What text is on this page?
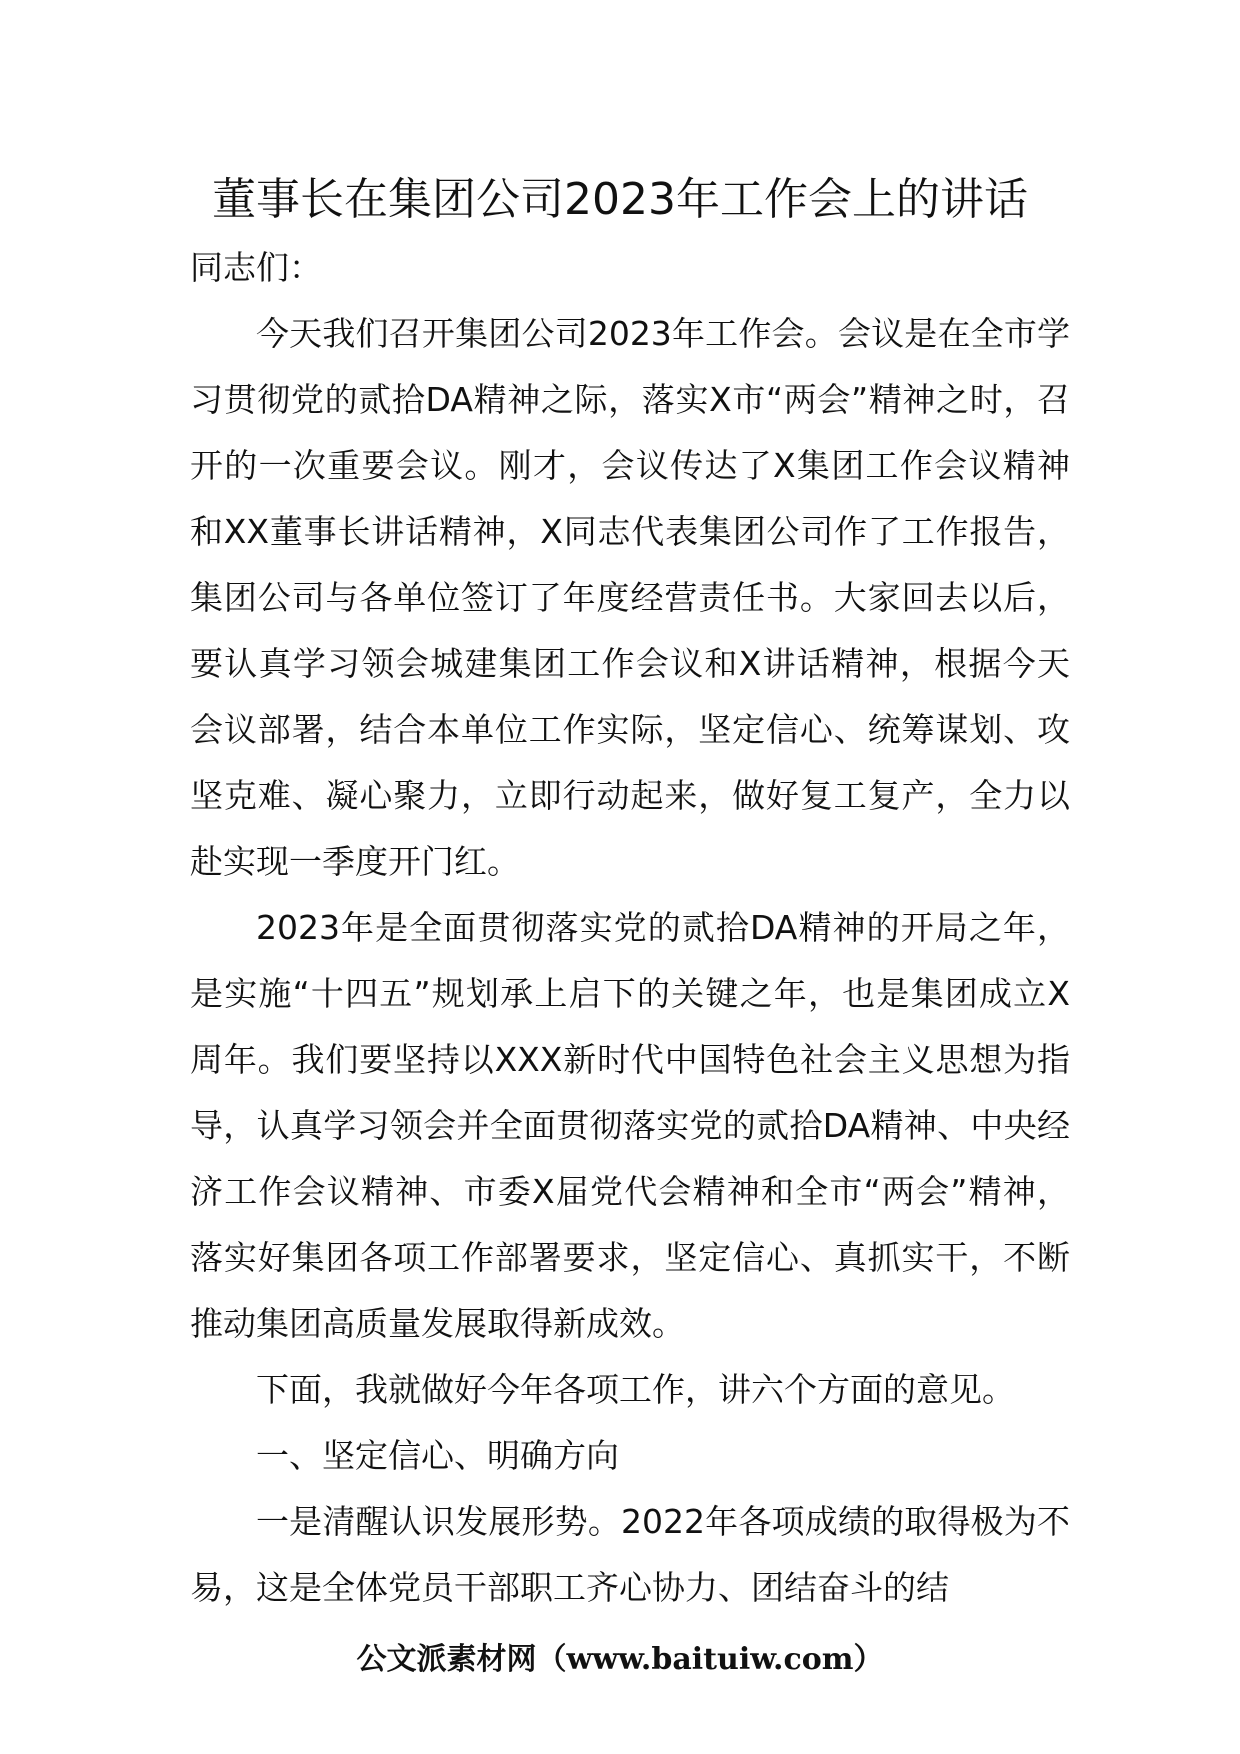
董事长在集团公司2023年工作会上的讲话

同志们：

今天我们召开集团公司2023年工作会。会议是在全市学习贯彻党的贰拾DA精神之际，落实X市“两会”精神之时，召开的一次重要会议。刚才，会议传达了X集团工作会议精神和XX董事长讲话精神，X同志代表集团公司作了工作报告，集团公司与各单位签订了年度经营责任书。大家回去以后，要认真学习领会城建集团工作会议和X讲话精神，根据今天会议部署，结合本单位工作实际，坚定信心、统筹谋划、攻坚克难、凝心聚力，立即行动起来，做好复工复产，全力以赴实现一季度开门红。

2023年是全面贯彻落实党的贰拾DA精神的开局之年，是实施“十四五”规划承上启下的关键之年，也是集团成立X周年。我们要坚持以XXX新时代中国特色社会主义思想为指导，认真学习领会并全面贯彻落实党的贰拾DA精神、中央经济工作会议精神、市委X届党代会精神和全市“两会”精神，落实好集团各项工作部署要求，坚定信心、真抓实干，不断推动集团高质量发展取得新成效。

下面，我就做好今年各项工作，讲六个方面的意见。

一、坚定信心、明确方向

一是清醒认识发展形势。2022年各项成绩的取得极为不易，这是全体党员干部职工齐心协力、团结奋斗的结

公文派素材网（www.baituiw.com）
